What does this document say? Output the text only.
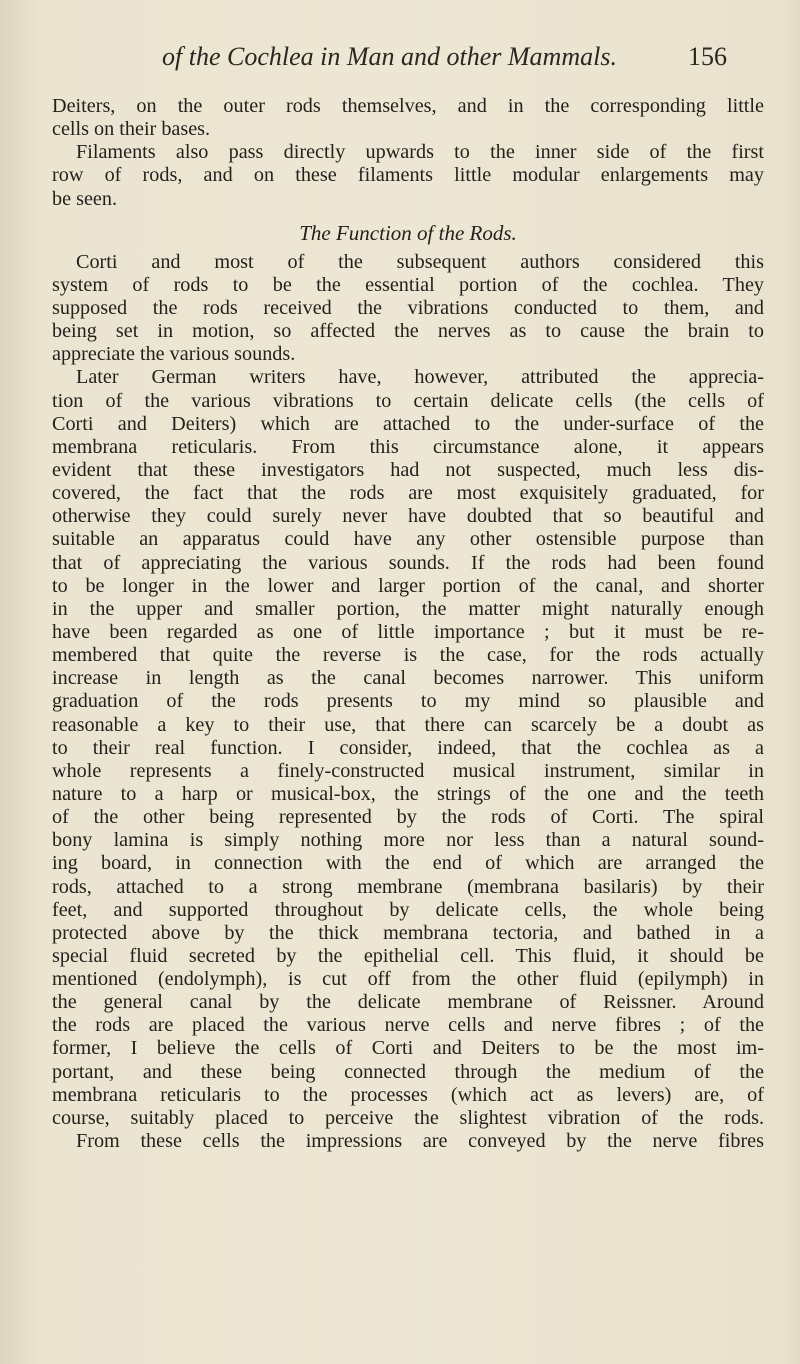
of the Cochlea in Man and other Mammals.	156
Deiters, on the outer rods themselves, and in the corresponding little
cells on their bases.
Filaments also pass directly upwards to the inner side of the first
row of rods, and on these filaments little modular enlargements may
be seen.
The Function of the Rods.
Corti and most of the subsequent authors considered this
system of rods to be the essential portion of the cochlea. They
supposed the rods received the vibrations conducted to them, and
being set in motion, so affected the nerves as to cause the brain to
appreciate the various sounds.
Later German writers have, however, attributed the apprecia-
tion of the various vibrations to certain delicate cells (the cells of
Corti and Deiters) which are attached to the under-surface of the
membrana reticularis. From this circumstance alone, it appears
evident that these investigators had not suspected, much less dis-
covered, the fact that the rods are most exquisitely graduated, for
otherwise they could surely never have doubted that so beautiful and
suitable an apparatus could have any other ostensible purpose than
that of appreciating the various sounds. If the rods had been found
to be longer in the lower and larger portion of the canal, and shorter
in the upper and smaller portion, the matter might naturally enough
have been regarded as one of little importance ; but it must be re-
membered that quite the reverse is the case, for the rods actually
increase in length as the canal becomes narrower. This uniform
graduation of the rods presents to my mind so plausible and
reasonable a key to their use, that there can scarcely be a doubt as
to their real function. I consider, indeed, that the cochlea as a
whole represents a finely-constructed musical instrument, similar in
nature to a harp or musical-box, the strings of the one and the teeth
of the other being represented by the rods of Corti. The spiral
bony lamina is simply nothing more nor less than a natural sound-
ing board, in connection with the end of which are arranged the
rods, attached to a strong membrane (membrana basilaris) by their
feet, and supported throughout by delicate cells, the whole being
protected above by the thick membrana tectoria, and bathed in a
special fluid secreted by the epithelial cell. This fluid, it should be
mentioned (endolymph), is cut off from the other fluid (epilymph) in
the general canal by the delicate membrane of Reissner. Around
the rods are placed the various nerve cells and nerve fibres ; of the
former, I believe the cells of Corti and Deiters to be the most im-
portant, and these being connected through the medium of the
membrana reticularis to the processes (which act as levers) are, of
course, suitably placed to perceive the slightest vibration of the rods.
From these cells the impressions are conveyed by the nerve fibres
